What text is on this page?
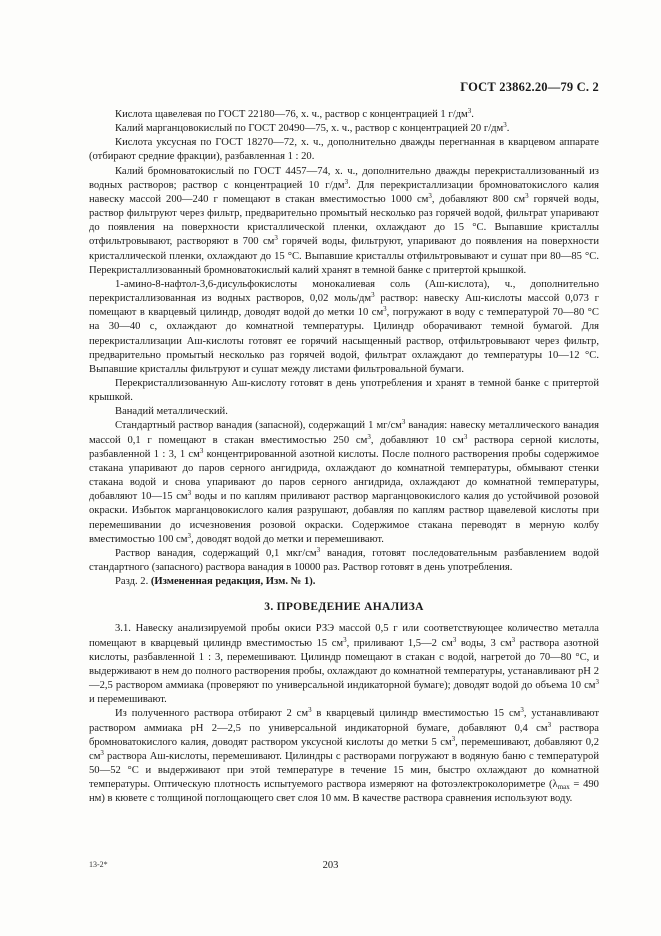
ГОСТ 23862.20—79 С. 2

Кислота щавелевая по ГОСТ 22180—76, х. ч., раствор с концентрацией 1 $г/дм^3$.

Калий марганцовокислый по ГОСТ 20490—75, х. ч., раствор с концентрацией 20 $г/дм^3$.

Кислота уксусная по ГОСТ 18270—72, х. ч., дополнительно дважды перегнанная в кварцевом аппарате (отбирают средние фракции), разбавленная 1 : 20.

Калий бромноватокислый по ГОСТ 4457—74, х. ч., дополнительно дважды перекристаллизованный из водных растворов; раствор с концентрацией 10 $г/дм^3$. Для перекристаллизации бромноватокислого калия навеску массой 200—240 г помещают в стакан вместимостью 1000 $см^3$, добавляют 800 $см^3$ горячей воды, раствор фильтруют через фильтр, предварительно промытый несколько раз горячей водой, фильтрат упаривают до появления на поверхности кристаллической пленки, охлаждают до 15 °С. Выпавшие кристаллы отфильтровывают, растворяют в 700 $см^3$ горячей воды, фильтруют, упаривают до появления на поверхности кристаллической пленки, охлаждают до 15 °С. Выпавшие кристаллы отфильтровывают и сушат при 80—85 °С. Перекристаллизованный бромноватокислый калий хранят в темной банке с притертой крышкой.

1-амино-8-нафтол-3,6-дисульфокислоты монокалиевая соль (Аш-кислота), ч., дополнительно перекристаллизованная из водных растворов, 0,02 моль/$дм^3$ раствор: навеску Аш-кислоты массой 0,073 г помещают в кварцевый цилиндр, доводят водой до метки 10 $см^3$, погружают в воду с температурой 70—80 °С на 30—40 с, охлаждают до комнатной температуры. Цилиндр оборачивают темной бумагой. Для перекристаллизации Аш-кислоты готовят ее горячий насыщенный раствор, отфильтровывают через фильтр, предварительно промытый несколько раз горячей водой, фильтрат охлаждают до температуры 10—12 °С. Выпавшие кристаллы фильтруют и сушат между листами фильтровальной бумаги.

Перекристаллизованную Аш-кислоту готовят в день употребления и хранят в темной банке с притертой крышкой.

Ванадий металлический.

Стандартный раствор ванадия (запасной), содержащий 1 $мг/см^3$ ванадия: навеску металлического ванадия массой 0,1 г помещают в стакан вместимостью 250 $см^3$, добавляют 10 $см^3$ раствора серной кислоты, разбавленной 1 : 3, 1 $см^3$ концентрированной азотной кислоты. После полного растворения пробы содержимое стакана упаривают до паров серного ангидрида, охлаждают до комнатной температуры, обмывают стенки стакана водой и снова упаривают до паров серного ангидрида, охлаждают до комнатной температуры, добавляют 10—15 $см^3$ воды и по каплям приливают раствор марганцовокислого калия до устойчивой розовой окраски. Избыток марганцовокислого калия разрушают, добавляя по каплям раствор щавелевой кислоты при перемешивании до исчезновения розовой окраски. Содержимое стакана переводят в мерную колбу вместимостью 100 $см^3$, доводят водой до метки и перемешивают.

Раствор ванадия, содержащий 0,1 мкг/$см^3$ ванадия, готовят последовательным разбавлением водой стандартного (запасного) раствора ванадия в 10000 раз. Раствор готовят в день употребления.

Разд. 2. (Измененная редакция, Изм. № 1).

3. ПРОВЕДЕНИЕ АНАЛИЗА

3.1. Навеску анализируемой пробы окиси РЗЭ массой 0,5 г или соответствующее количество металла помещают в кварцевый цилиндр вместимостью 15 $см^3$, приливают 1,5—2 $см^3$ воды, 3 $см^3$ раствора азотной кислоты, разбавленной 1 : 3, перемешивают. Цилиндр помещают в стакан с водой, нагретой до 70—80 °С, и выдерживают в нем до полного растворения пробы, охлаждают до комнатной температуры, устанавливают pH 2—2,5 раствором аммиака (проверяют по универсальной индикаторной бумаге); доводят водой до объема 10 $см^3$ и перемешивают.

Из полученного раствора отбирают 2 $см^3$ в кварцевый цилиндр вместимостью 15 $см^3$, устанавливают раствором аммиака pH 2—2,5 по универсальной индикаторной бумаге, добавляют 0,4 $см^3$ раствора бромноватокислого калия, доводят раствором уксусной кислоты до метки 5 $см^3$, перемешивают, добавляют 0,2 $см^3$ раствора Аш-кислоты, перемешивают. Цилиндры с растворами погружают в водяную баню с температурой 50—52 °С и выдерживают при этой температуре в течение 15 мин, быстро охлаждают до комнатной температуры. Оптическую плотность испытуемого раствора измеряют на фотоэлектроколориметре ($\lambda_{max} = 490$ нм) в кювете с толщиной поглощающего свет слоя 10 мм. В качестве раствора сравнения используют воду.

13-2*	203
